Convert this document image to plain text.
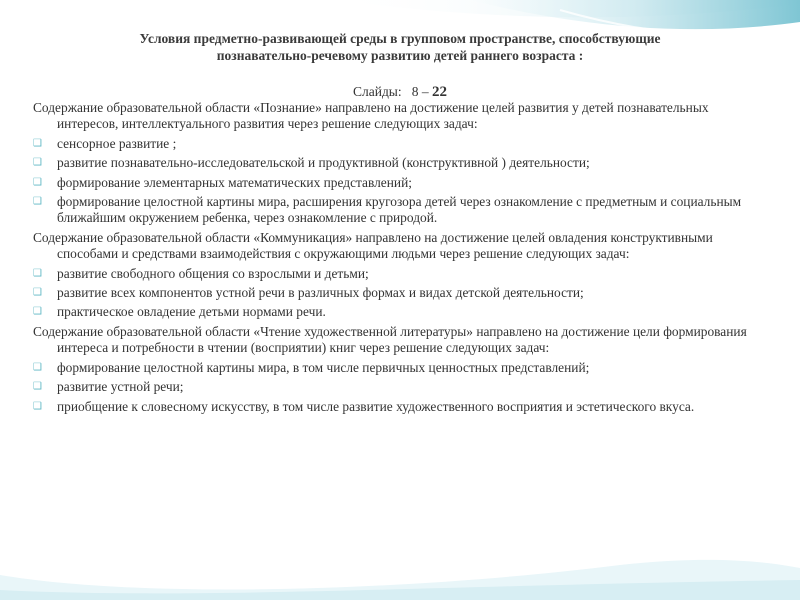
Условия предметно-развивающей среды в групповом пространстве, способствующие
познавательно-речевому развитию детей раннего возраста :
Слайды: 8 – 22
Содержание образовательной области «Познание» направлено на достижение целей развития у детей познавательных интересов, интеллектуального развития через решение следующих задач:
❑ сенсорное развитие ;
❑ развитие познавательно-исследовательской и продуктивной (конструктивной ) деятельности;
❑ формирование элементарных математических представлений;
❑ формирование целостной картины мира, расширения кругозора детей через ознакомление с предметным и социальным ближайшим окружением ребенка, через ознакомление с природой.
Содержание образовательной области «Коммуникация» направлено на достижение целей овладения конструктивными способами и средствами взаимодействия с окружающими людьми через решение следующих задач:
❑ развитие свободного общения со взрослыми и детьми;
❑ развитие всех компонентов устной речи в различных формах и видах детской деятельности;
❑ практическое овладение детьми нормами речи.
Содержание образовательной области «Чтение художественной литературы» направлено на достижение цели формирования интереса и потребности в чтении (восприятии) книг через решение следующих задач:
❑ формирование целостной картины мира, в том числе первичных ценностных представлений;
❑ развитие устной речи;
❑ приобщение к словесному искусству, в том числе развитие художественного восприятия и эстетического вкуса.
